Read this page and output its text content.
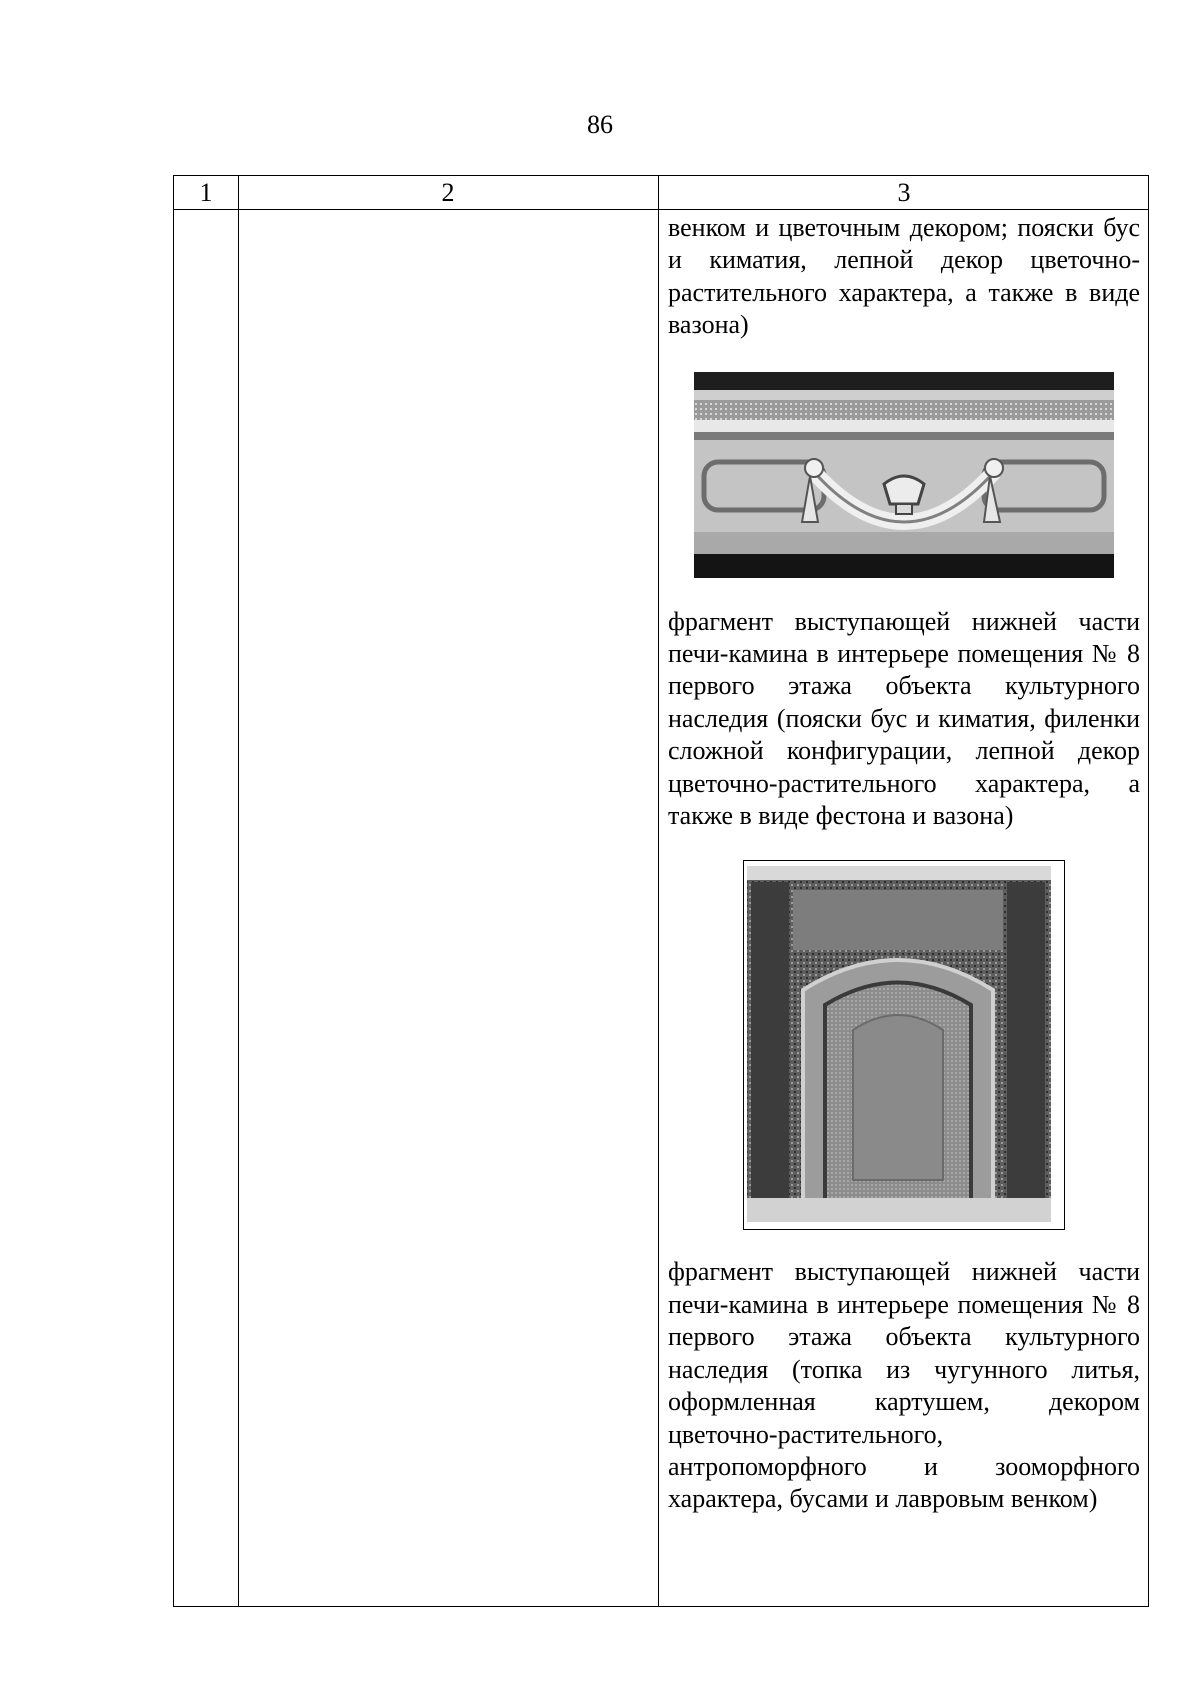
86
1	2	3

венком и цветочным декором; пояски бус и киматия, лепной декор цветочно-растительного характера, а также в виде вазона)

фрагмент выступающей нижней части печи-камина в интерьере помещения № 8 первого этажа объекта культурного наследия (пояски бус и киматия, филенки сложной конфигурации, лепной декор цветочно-растительного характера, а также в виде фестона и вазона)

фрагмент выступающей нижней части печи-камина в интерьере помещения № 8 первого этажа объекта культурного наследия (топка из чугунного литья, оформленная картушем, декором цветочно-растительного, антропоморфного и зооморфного характера, бусами и лавровым венком)
